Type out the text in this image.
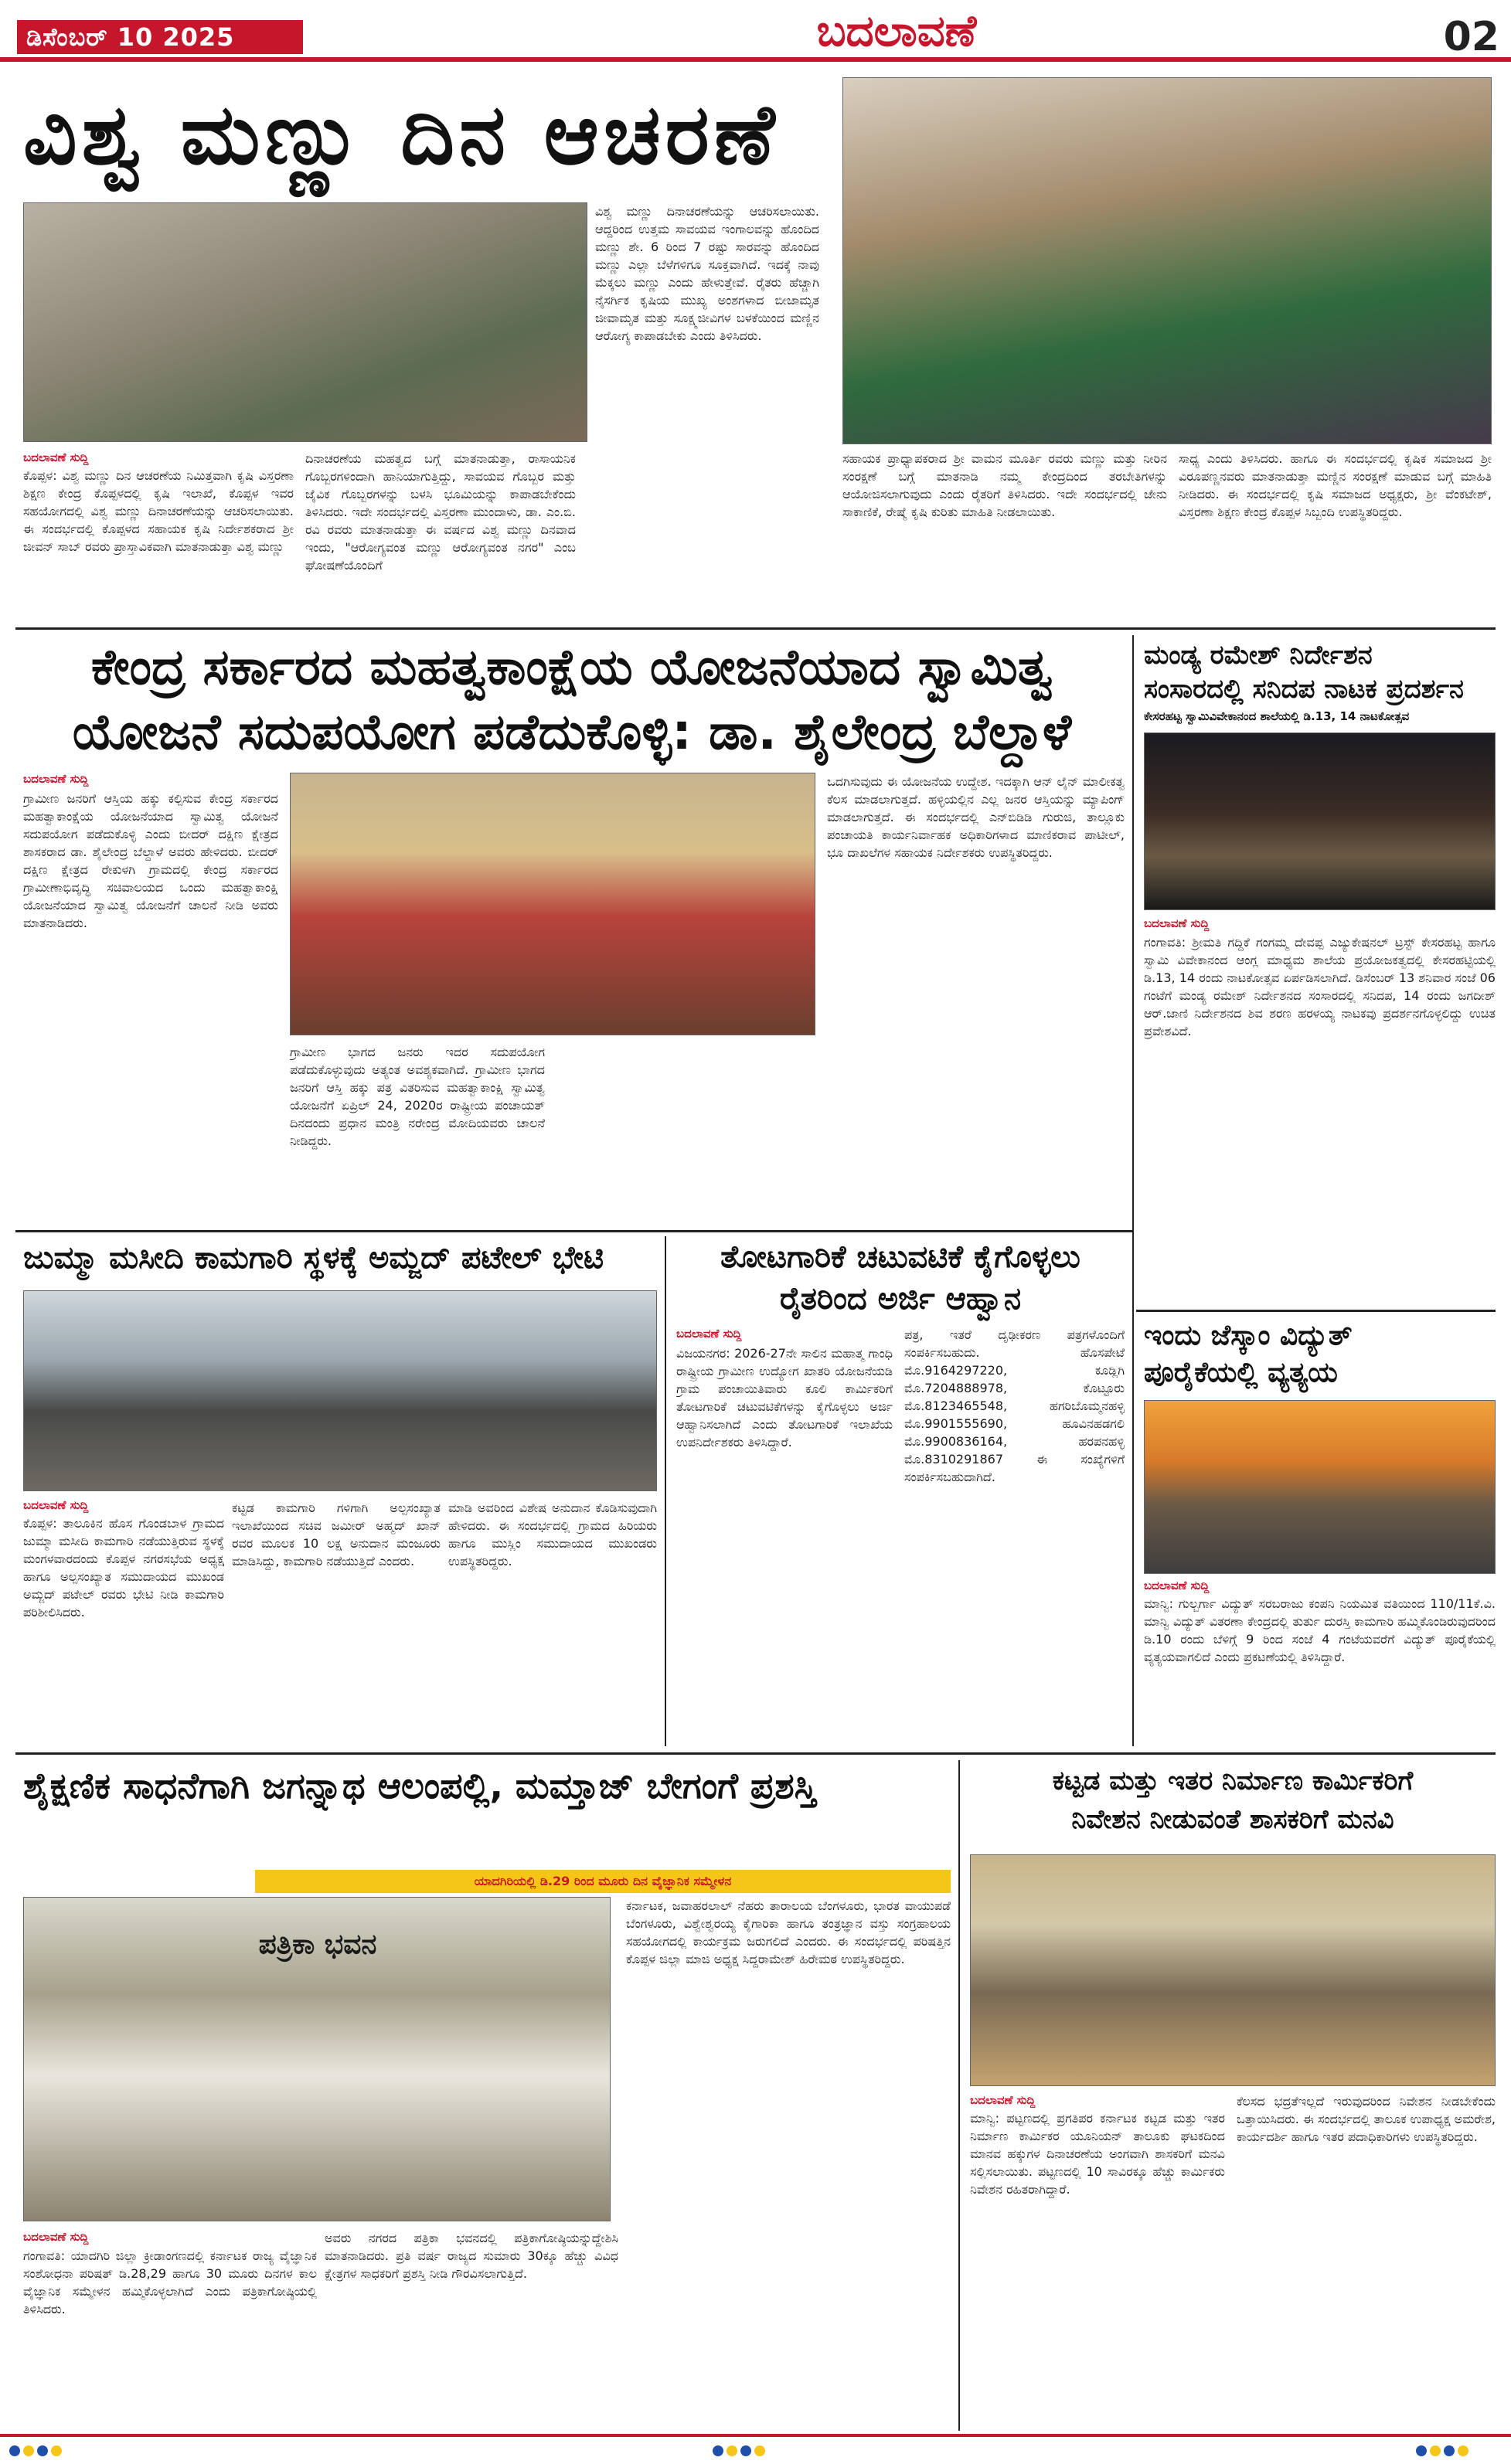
ಡಿಸೆಂಬರ್ 10 2025	ಬದಲಾವಣೆ	02
ವಿಶ್ವ ಮಣ್ಣು ದಿನ ಆಚರಣೆ
ವಿಶ್ವ ಮಣ್ಣು ದಿನಾಚರಣೆಯನ್ನು ಆಚರಿಸಲಾಯಿತು. ಆದ್ದರಿಂದ ಉತ್ತಮ ಸಾವಯವ ಇಂಗಾಲವನ್ನು ಹೊಂದಿದ ಮಣ್ಣು ಶೇ. 6 ರಿಂದ 7 ರಷ್ಟು ಸಾರವನ್ನು ಹೊಂದಿದ ಮಣ್ಣು ಎಲ್ಲಾ ಬೆಳೆಗಳಿಗೂ ಸೂಕ್ತವಾಗಿದೆ. ಇದಕ್ಕೆ ನಾವು ಮೆಕ್ಕಲು ಮಣ್ಣು ಎಂದು ಹೇಳುತ್ತೇವೆ. ರೈತರು ಹೆಚ್ಚಾಗಿ ನೈಸರ್ಗಿಕ ಕೃಷಿಯ ಮುಖ್ಯ ಅಂಶಗಳಾದ ಬೀಜಾಮೃತ ಜೀವಾಮೃತ ಮತ್ತು ಸೂಕ್ಷ್ಮಜೀವಿಗಳ ಬಳಕೆಯಿಂದ ಮಣ್ಣಿನ ಆರೋಗ್ಯ ಕಾಪಾಡಬೇಕು ಎಂದು ತಿಳಿಸಿದರು.
ಬದಲಾವಣೆ ಸುದ್ದಿ
ಕೊಪ್ಪಳ: ವಿಶ್ವ ಮಣ್ಣು ದಿನ ಆಚರಣೆಯ ನಿಮಿತ್ತವಾಗಿ ಕೃಷಿ ವಿಸ್ತರಣಾ ಶಿಕ್ಷಣ ಕೇಂದ್ರ ಕೊಪ್ಪಳದಲ್ಲಿ ಕೃಷಿ ಇಲಾಖೆ, ಕೊಪ್ಪಳ ಇವರ ಸಹಯೋಗದಲ್ಲಿ ವಿಶ್ವ ಮಣ್ಣು ದಿನಾಚರಣೆಯನ್ನು ಆಚರಿಸಲಾಯಿತು. ಈ ಸಂದರ್ಭದಲ್ಲಿ ಕೊಪ್ಪಳದ ಸಹಾಯಕ ಕೃಷಿ ನಿರ್ದೇಶಕರಾದ ಶ್ರೀ ಜೀವನ್ ಸಾಬ್ ರವರು ಪ್ರಾಸ್ತಾವಿಕವಾಗಿ ಮಾತನಾಡುತ್ತಾ ವಿಶ್ವ ಮಣ್ಣು
ದಿನಾಚರಣೆಯ ಮಹತ್ವದ ಬಗ್ಗೆ ಮಾತನಾಡುತ್ತಾ, ರಾಸಾಯನಿಕ ಗೊಬ್ಬರಗಳಿಂದಾಗಿ ಹಾನಿಯಾಗುತ್ತಿದ್ದು, ಸಾವಯವ ಗೊಬ್ಬರ ಮತ್ತು ಜೈವಿಕ ಗೊಬ್ಬರಗಳನ್ನು ಬಳಸಿ ಭೂಮಿಯನ್ನು ಕಾಪಾಡಬೇಕೆಂದು ತಿಳಿಸಿದರು. ಇದೇ ಸಂದರ್ಭದಲ್ಲಿ ವಿಸ್ತರಣಾ ಮುಂದಾಳು, ಡಾ. ಎಂ.ಬಿ. ರವಿ ರವರು ಮಾತನಾಡುತ್ತಾ ಈ ವರ್ಷದ ವಿಶ್ವ ಮಣ್ಣು ದಿನವಾದ ಇಂದು, "ಆರೋಗ್ಯವಂತ ಮಣ್ಣು ಆರೋಗ್ಯವಂತ ನಗರ" ಎಂಬ ಘೋಷಣೆಯೊಂದಿಗೆ
ಸಹಾಯಕ ಪ್ರಾಧ್ಯಾಪಕರಾದ ಶ್ರೀ ವಾಮನ ಮೂರ್ತಿ ರವರು ಮಣ್ಣು ಮತ್ತು ನೀರಿನ ಸಂರಕ್ಷಣೆ ಬಗ್ಗೆ ಮಾತನಾಡಿ ನಮ್ಮ ಕೇಂದ್ರದಿಂದ ತರಬೇತಿಗಳನ್ನು ಆಯೋಜಿಸಲಾಗುವುದು ಎಂದು ರೈತರಿಗೆ ತಿಳಿಸಿದರು. ಇದೇ ಸಂದರ್ಭದಲ್ಲಿ ಜೇನು ಸಾಕಾಣಿಕೆ, ರೇಷ್ಮೆ ಕೃಷಿ ಕುರಿತು ಮಾಹಿತಿ ನೀಡಲಾಯಿತು.
ಸಾಧ್ಯ ಎಂದು ತಿಳಿಸಿದರು. ಹಾಗೂ ಈ ಸಂದರ್ಭದಲ್ಲಿ ಕೃಷಿಕ ಸಮಾಜದ ಶ್ರೀ ವಿರೂಪಣ್ಣನವರು ಮಾತನಾಡುತ್ತಾ ಮಣ್ಣಿನ ಸಂರಕ್ಷಣೆ ಮಾಡುವ ಬಗ್ಗೆ ಮಾಹಿತಿ ನೀಡಿದರು. ಈ ಸಂದರ್ಭದಲ್ಲಿ ಕೃಷಿ ಸಮಾಜದ ಅಧ್ಯಕ್ಷರು, ಶ್ರೀ ವೆಂಕಟೇಶ್, ವಿಸ್ತರಣಾ ಶಿಕ್ಷಣ ಕೇಂದ್ರ ಕೊಪ್ಪಳ ಸಿಬ್ಬಂದಿ ಉಪಸ್ಥಿತರಿದ್ದರು.
ಕೇಂದ್ರ ಸರ್ಕಾರದ ಮಹತ್ವಕಾಂಕ್ಷೆಯ ಯೋಜನೆಯಾದ ಸ್ವಾಮಿತ್ವ
ಯೋಜನೆ ಸದುಪಯೋಗ ಪಡೆದುಕೊಳ್ಳಿ: ಡಾ. ಶೈಲೇಂದ್ರ ಬೆಲ್ದಾಳೆ
ಬದಲಾವಣೆ ಸುದ್ದಿ
ಗ್ರಾಮೀಣ ಜನರಿಗೆ ಆಸ್ತಿಯ ಹಕ್ಕು ಕಲ್ಪಿಸುವ ಕೇಂದ್ರ ಸರ್ಕಾರದ ಮಹತ್ವಾಕಾಂಕ್ಷೆಯ ಯೋಜನೆಯಾದ ಸ್ವಾಮಿತ್ವ ಯೋಜನೆ ಸದುಪಯೋಗ ಪಡೆದುಕೊಳ್ಳಿ ಎಂದು ಬೀದರ್ ದಕ್ಷಿಣ ಕ್ಷೇತ್ರದ ಶಾಸಕರಾದ ಡಾ. ಶೈಲೇಂದ್ರ ಬೆಲ್ದಾಳೆ ಅವರು ಹೇಳಿದರು. ಬೀದರ್ ದಕ್ಷಿಣ ಕ್ಷೇತ್ರದ ರೇಕುಳಗಿ ಗ್ರಾಮದಲ್ಲಿ ಕೇಂದ್ರ ಸರ್ಕಾರದ ಗ್ರಾಮೀಣಾಭಿವೃದ್ಧಿ ಸಚಿವಾಲಯದ ಒಂದು ಮಹತ್ವಾಕಾಂಕ್ಷಿ ಯೋಜನೆಯಾದ ಸ್ವಾಮಿತ್ವ ಯೋಜನೆಗೆ ಚಾಲನೆ ನೀಡಿ ಅವರು ಮಾತನಾಡಿದರು.
ಗ್ರಾಮೀಣ ಭಾಗದ ಜನರು ಇದರ ಸದುಪಯೋಗ ಪಡೆದುಕೊಳ್ಳುವುದು ಅತ್ಯಂತ ಅವಶ್ಯಕವಾಗಿದೆ. ಗ್ರಾಮೀಣ ಭಾಗದ ಜನರಿಗೆ ಆಸ್ತಿ ಹಕ್ಕು ಪತ್ರ ವಿತರಿಸುವ ಮಹತ್ವಾಕಾಂಕ್ಷಿ ಸ್ವಾಮಿತ್ವ ಯೋಜನೆಗೆ ಏಪ್ರಿಲ್ 24, 2020ರ ರಾಷ್ಟ್ರೀಯ ಪಂಚಾಯತ್ ದಿನದಂದು ಪ್ರಧಾನ ಮಂತ್ರಿ ನರೇಂದ್ರ ಮೋದಿಯವರು ಚಾಲನೆ ನೀಡಿದ್ದರು.
ಒದಗಿಸುವುದು ಈ ಯೋಜನೆಯ ಉದ್ದೇಶ. ಇದಕ್ಕಾಗಿ ಆನ್ ಲೈನ್ ಮಾಲೀಕತ್ವ ಕೆಲಸ ಮಾಡಲಾಗುತ್ತದೆ. ಹಳ್ಳಿಯಲ್ಲಿನ ಎಲ್ಲ ಜನರ ಆಸ್ತಿಯನ್ನು ಮ್ಯಾಪಿಂಗ್ ಮಾಡಲಾಗುತ್ತದೆ. ಈ ಸಂದರ್ಭದಲ್ಲಿ ಎನ್‌ಬಿಡಿಡಿ ಗುರುಜಿ, ತಾಲ್ಲೂಕು ಪಂಚಾಯತಿ ಕಾರ್ಯನಿರ್ವಾಹಕ ಅಧಿಕಾರಿಗಳಾದ ಮಾಣಿಕರಾವ ಪಾಟೀಲ್, ಭೂ ದಾಖಲೆಗಳ ಸಹಾಯಕ ನಿರ್ದೇಶಕರು ಉಪಸ್ಥಿತರಿದ್ದರು.
ಮಂಡ್ಯ ರಮೇಶ್ ನಿರ್ದೇಶನ
ಸಂಸಾರದಲ್ಲಿ ಸನಿದಪ ನಾಟಕ ಪ್ರದರ್ಶನ
ಕೇಸರಹಟ್ಟ ಸ್ವಾಮಿವಿವೇಕಾನಂದ ಶಾಲೆಯಲ್ಲಿ ಡಿ.13, 14 ನಾಟಕೋತ್ಸವ
ಬದಲಾವಣೆ ಸುದ್ದಿ
ಗಂಗಾವತಿ: ಶ್ರೀಮತಿ ಗದ್ದಿಕೆ ಗಂಗಮ್ಮ ದೇವಪ್ಪ ಎಜ್ಯುಕೇಷನಲ್ ಟ್ರಸ್ಟ್ ಕೇಸರಹಟ್ಟ ಹಾಗೂ ಸ್ವಾಮಿ ವಿವೇಕಾನಂದ ಆಂಗ್ಲ ಮಾಧ್ಯಮ ಶಾಲೆಯ ಪ್ರಯೋಜಕತ್ವದಲ್ಲಿ ಕೇಸರಹಟ್ಟಿಯಲ್ಲಿ ಡಿ.13, 14 ರಂದು ನಾಟಕೋತ್ಸವ ಏರ್ಪಡಿಸಲಾಗಿದೆ. ಡಿಸೆಂಬರ್ 13 ಶನಿವಾರ ಸಂಜೆ 06 ಗಂಟೆಗೆ ಮಂಡ್ಯ ರಮೇಶ್ ನಿರ್ದೇಶನದ ಸಂಸಾರದಲ್ಲಿ ಸನಿದಪ, 14 ರಂದು ಜಗದೀಶ್ ಆರ್.ಜಾಣಿ ನಿರ್ದೇಶನದ ಶಿವ ಶರಣ ಹರಳಯ್ಯ ನಾಟಕವು ಪ್ರದರ್ಶನಗೊಳ್ಳಲಿದ್ದು ಉಚಿತ ಪ್ರವೇಶವಿದೆ.
ಜುಮ್ಮಾ ಮಸೀದಿ ಕಾಮಗಾರಿ ಸ್ಥಳಕ್ಕೆ ಅಮ್ಜದ್ ಪಟೇಲ್ ಭೇಟಿ
ಬದಲಾವಣೆ ಸುದ್ದಿ
ಕೊಪ್ಪಳ: ತಾಲೂಕಿನ ಹೊಸ ಗೊಂಡಬಾಳ ಗ್ರಾಮದ ಜುಮ್ಮಾ ಮಸೀದಿ ಕಾಮಗಾರಿ ನಡೆಯುತ್ತಿರುವ ಸ್ಥಳಕ್ಕೆ ಮಂಗಳವಾರದಂದು ಕೊಪ್ಪಳ ನಗರಸಭೆಯ ಅಧ್ಯಕ್ಷ ಹಾಗೂ ಅಲ್ಪಸಂಖ್ಯಾತ ಸಮುದಾಯದ ಮುಖಂಡ ಅಮ್ಜದ್ ಪಟೇಲ್ ರವರು ಭೇಟಿ ನೀಡಿ ಕಾಮಗಾರಿ ಪರಿಶೀಲಿಸಿದರು.
ಕಟ್ಟಡ ಕಾಮಗಾರಿ ಗಳಿಗಾಗಿ ಅಲ್ಪಸಂಖ್ಯಾತ ಇಲಾಖೆಯಿಂದ ಸಚಿವ ಜಮೀರ್ ಅಹ್ಮದ್ ಖಾನ್ ರವರ ಮೂಲಕ 10 ಲಕ್ಷ ಅನುದಾನ ಮಂಜೂರು ಮಾಡಿಸಿದ್ದು, ಕಾಮಗಾರಿ ನಡೆಯುತ್ತಿದೆ ಎಂದರು.
ಮಾಡಿ ಅವರಿಂದ ವಿಶೇಷ ಅನುದಾನ ಕೊಡಿಸುವುದಾಗಿ ಹೇಳಿದರು. ಈ ಸಂದರ್ಭದಲ್ಲಿ ಗ್ರಾಮದ ಹಿರಿಯರು ಹಾಗೂ ಮುಸ್ಲಿಂ ಸಮುದಾಯದ ಮುಖಂಡರು ಉಪಸ್ಥಿತರಿದ್ದರು.
ತೋಟಗಾರಿಕೆ ಚಟುವಟಿಕೆ ಕೈಗೊಳ್ಳಲು
ರೈತರಿಂದ ಅರ್ಜಿ ಆಹ್ವಾನ
ಬದಲಾವಣೆ ಸುದ್ದಿ
ವಿಜಯನಗರ: 2026-27ನೇ ಸಾಲಿನ ಮಹಾತ್ಮ ಗಾಂಧಿ ರಾಷ್ಟ್ರೀಯ ಗ್ರಾಮೀಣ ಉದ್ಯೋಗ ಖಾತರಿ ಯೋಜನೆಯಡಿ ಗ್ರಾಮ ಪಂಚಾಯಿತಿವಾರು ಕೂಲಿ ಕಾರ್ಮಿಕರಿಗೆ ತೋಟಗಾರಿಕೆ ಚಟುವಟಿಕೆಗಳನ್ನು ಕೈಗೊಳ್ಳಲು ಅರ್ಜಿ ಆಹ್ವಾನಿಸಲಾಗಿದೆ ಎಂದು ತೋಟಗಾರಿಕೆ ಇಲಾಖೆಯ ಉಪನಿರ್ದೇಶಕರು ತಿಳಿಸಿದ್ದಾರೆ.
ಪತ್ರ, ಇತರೆ ದೃಢೀಕರಣ ಪತ್ರಗಳೊಂದಿಗೆ ಸಂಪರ್ಕಿಸಬಹುದು. ಹೊಸಪೇಟೆ ಮೊ.9164297220, ಕೂಡ್ಲಿಗಿ ಮೊ.7204888978, ಕೊಟ್ಟೂರು ಮೊ.8123465548, ಹಗರಿಬೊಮ್ಮನಹಳ್ಳಿ ಮೊ.9901555690, ಹೂವಿನಹಡಗಲಿ ಮೊ.9900836164, ಹರಪನಹಳ್ಳಿ ಮೊ.8310291867 ಈ ಸಂಖ್ಯೆಗಳಿಗೆ ಸಂಪರ್ಕಿಸಬಹುದಾಗಿದೆ.
ಇಂದು ಜೆಸ್ಕಾಂ ವಿದ್ಯುತ್
ಪೂರೈಕೆಯಲ್ಲಿ ವ್ಯತ್ಯಯ
ಬದಲಾವಣೆ ಸುದ್ದಿ
ಮಾನ್ವಿ: ಗುಲ್ಬರ್ಗಾ ವಿದ್ಯುತ್ ಸರಬರಾಜು ಕಂಪನಿ ನಿಯಮಿತ ವತಿಯಿಂದ 110/11ಕೆ.ವಿ. ಮಾನ್ವಿ ವಿದ್ಯುತ್ ವಿತರಣಾ ಕೇಂದ್ರದಲ್ಲಿ ತುರ್ತು ದುರಸ್ತಿ ಕಾಮಗಾರಿ ಹಮ್ಮಿಕೊಂಡಿರುವುದರಿಂದ ಡಿ.10 ರಂದು ಬೆಳಿಗ್ಗೆ 9 ರಿಂದ ಸಂಜೆ 4 ಗಂಟೆಯವರೆಗೆ ವಿದ್ಯುತ್ ಪೂರೈಕೆಯಲ್ಲಿ ವ್ಯತ್ಯಯವಾಗಲಿದೆ ಎಂದು ಪ್ರಕಟಣೆಯಲ್ಲಿ ತಿಳಿಸಿದ್ದಾರೆ.
ಶೈಕ್ಷಣಿಕ ಸಾಧನೆಗಾಗಿ ಜಗನ್ನಾಥ ಆಲಂಪಲ್ಲಿ, ಮಮ್ತಾಜ್ ಬೇಗಂಗೆ ಪ್ರಶಸ್ತಿ
ಯಾದಗಿರಿಯಲ್ಲಿ ಡಿ.29 ರಿಂದ ಮೂರು ದಿನ ವೈಜ್ಞಾನಿಕ ಸಮ್ಮೇಳನ
ಪತ್ರಿಕಾ ಭವನ
ಬದಲಾವಣೆ ಸುದ್ದಿ
ಗಂಗಾವತಿ: ಯಾದಗಿರಿ ಜಿಲ್ಲಾ ಕ್ರೀಡಾಂಗಣದಲ್ಲಿ ಕರ್ನಾಟಕ ರಾಜ್ಯ ವೈಜ್ಞಾನಿಕ ಸಂಶೋಧನಾ ಪರಿಷತ್ ಡಿ.28,29 ಹಾಗೂ 30 ಮೂರು ದಿನಗಳ ಕಾಲ ವೈಜ್ಞಾನಿಕ ಸಮ್ಮೇಳನ ಹಮ್ಮಿಕೊಳ್ಳಲಾಗಿದೆ ಎಂದು ಪತ್ರಿಕಾಗೋಷ್ಠಿಯಲ್ಲಿ ತಿಳಿಸಿದರು.
ಅವರು ನಗರದ ಪತ್ರಿಕಾ ಭವನದಲ್ಲಿ ಪತ್ರಿಕಾಗೋಷ್ಠಿಯನ್ನುದ್ದೇಶಿಸಿ ಮಾತನಾಡಿದರು. ಪ್ರತಿ ವರ್ಷ ರಾಜ್ಯದ ಸುಮಾರು 30ಕ್ಕೂ ಹೆಚ್ಚು ವಿವಿಧ ಕ್ಷೇತ್ರಗಳ ಸಾಧಕರಿಗೆ ಪ್ರಶಸ್ತಿ ನೀಡಿ ಗೌರವಿಸಲಾಗುತ್ತಿದೆ.
ಕರ್ನಾಟಕ, ಜವಾಹರಲಾಲ್ ನೆಹರು ತಾರಾಲಯ ಬೆಂಗಳೂರು, ಭಾರತ ವಾಯುಪಡೆ ಬೆಂಗಳೂರು, ವಿಶ್ವೇಶ್ವರಯ್ಯ ಕೈಗಾರಿಕಾ ಹಾಗೂ ತಂತ್ರಜ್ಞಾನ ವಸ್ತು ಸಂಗ್ರಹಾಲಯ ಸಹಯೋಗದಲ್ಲಿ ಕಾರ್ಯಕ್ರಮ ಜರುಗಲಿದೆ ಎಂದರು. ಈ ಸಂದರ್ಭದಲ್ಲಿ ಪರಿಷತ್ತಿನ ಕೊಪ್ಪಳ ಜಿಲ್ಲಾ ಮಾಜಿ ಅಧ್ಯಕ್ಷ ಸಿದ್ದರಾಮೇಶ್ ಹಿರೇಮಠ ಉಪಸ್ಥಿತರಿದ್ದರು.
ಕಟ್ಟಡ ಮತ್ತು ಇತರ ನಿರ್ಮಾಣ ಕಾರ್ಮಿಕರಿಗೆ
ನಿವೇಶನ ನೀಡುವಂತೆ ಶಾಸಕರಿಗೆ ಮನವಿ
ಬದಲಾವಣೆ ಸುದ್ದಿ
ಮಾನ್ವಿ: ಪಟ್ಟಣದಲ್ಲಿ ಪ್ರಗತಿಪರ ಕರ್ನಾಟಕ ಕಟ್ಟಡ ಮತ್ತು ಇತರ ನಿರ್ಮಾಣ ಕಾರ್ಮಿಕರ ಯೂನಿಯನ್ ತಾಲೂಕು ಘಟಕದಿಂದ ಮಾನವ ಹಕ್ಕುಗಳ ದಿನಾಚರಣೆಯ ಅಂಗವಾಗಿ ಶಾಸಕರಿಗೆ ಮನವಿ ಸಲ್ಲಿಸಲಾಯಿತು. ಪಟ್ಟಣದಲ್ಲಿ 10 ಸಾವಿರಕ್ಕೂ ಹೆಚ್ಚು ಕಾರ್ಮಿಕರು ನಿವೇಶನ ರಹಿತರಾಗಿದ್ದಾರೆ.
ಕೆಲಸದ ಭದ್ರತೆಇಲ್ಲದೆ ಇರುವುದರಿಂದ ನಿವೇಶನ ನೀಡಬೇಕೆಂದು ಒತ್ತಾಯಿಸಿದರು. ಈ ಸಂದರ್ಭದಲ್ಲಿ ತಾಲೂಕ ಉಪಾಧ್ಯಕ್ಷ ಅಮರೇಶ, ಕಾರ್ಯದರ್ಶಿ ಹಾಗೂ ಇತರ ಪದಾಧಿಕಾರಿಗಳು ಉಪಸ್ಥಿತರಿದ್ದರು.
